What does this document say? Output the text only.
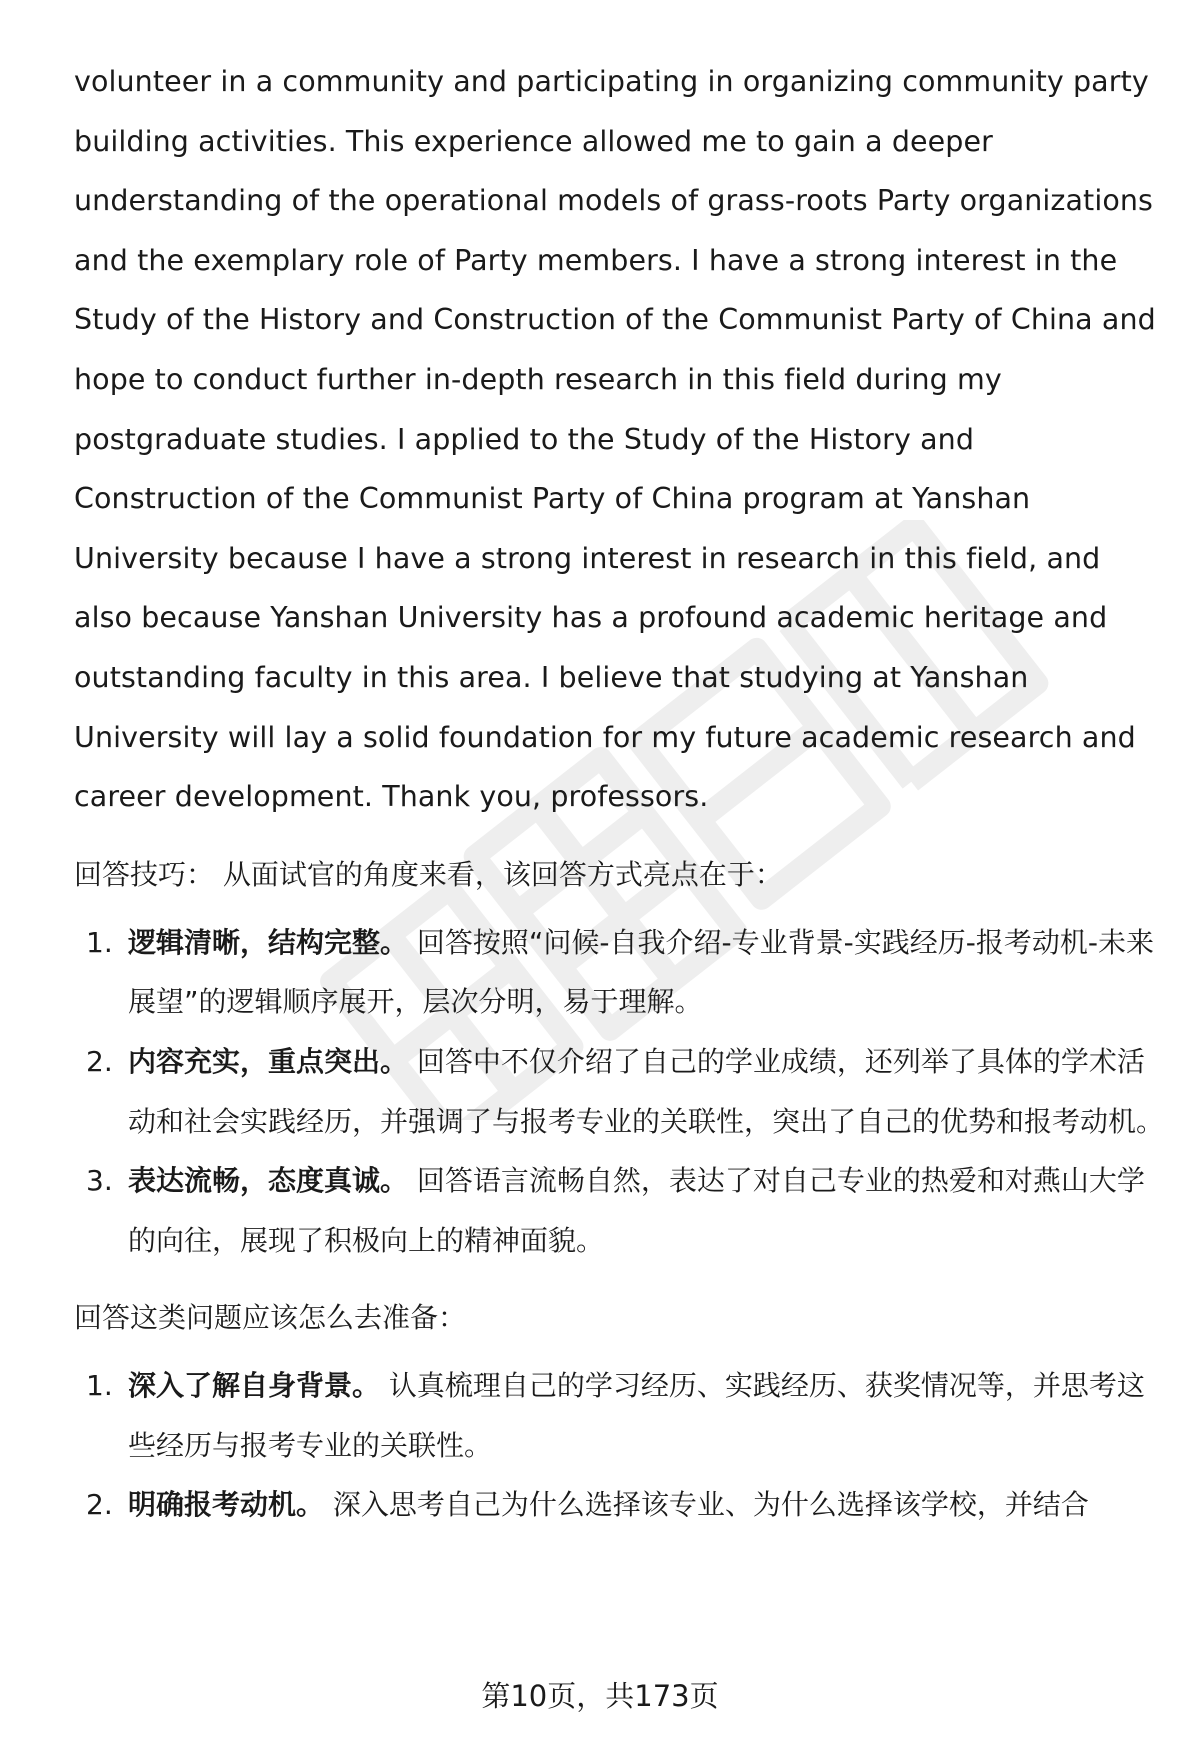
volunteer in a community and participating in organizing community party building activities. This experience allowed me to gain a deeper understanding of the operational models of grass-roots Party organizations and the exemplary role of Party members. I have a strong interest in the Study of the History and Construction of the Communist Party of China and hope to conduct further in-depth research in this field during my postgraduate studies. I applied to the Study of the History and Construction of the Communist Party of China program at Yanshan University because I have a strong interest in research in this field, and also because Yanshan University has a profound academic heritage and outstanding faculty in this area. I believe that studying at Yanshan University will lay a solid foundation for my future academic research and career development. Thank you, professors.

回答技巧： 从面试官的角度来看，该回答方式亮点在于：
1. 逻辑清晰，结构完整。 回答按照“问候-自我介绍-专业背景-实践经历-报考动机-未来展望”的逻辑顺序展开，层次分明，易于理解。
2. 内容充实，重点突出。 回答中不仅介绍了自己的学业成绩，还列举了具体的学术活动和社会实践经历，并强调了与报考专业的关联性，突出了自己的优势和报考动机。
3. 表达流畅，态度真诚。 回答语言流畅自然，表达了对自己专业的热爱和对燕山大学的向往，展现了积极向上的精神面貌。
回答这类问题应该怎么去准备：
1. 深入了解自身背景。 认真梳理自己的学习经历、实践经历、获奖情况等，并思考这些经历与报考专业的关联性。
2. 明确报考动机。 深入思考自己为什么选择该专业、为什么选择该学校，并结合
第10页，共173页
